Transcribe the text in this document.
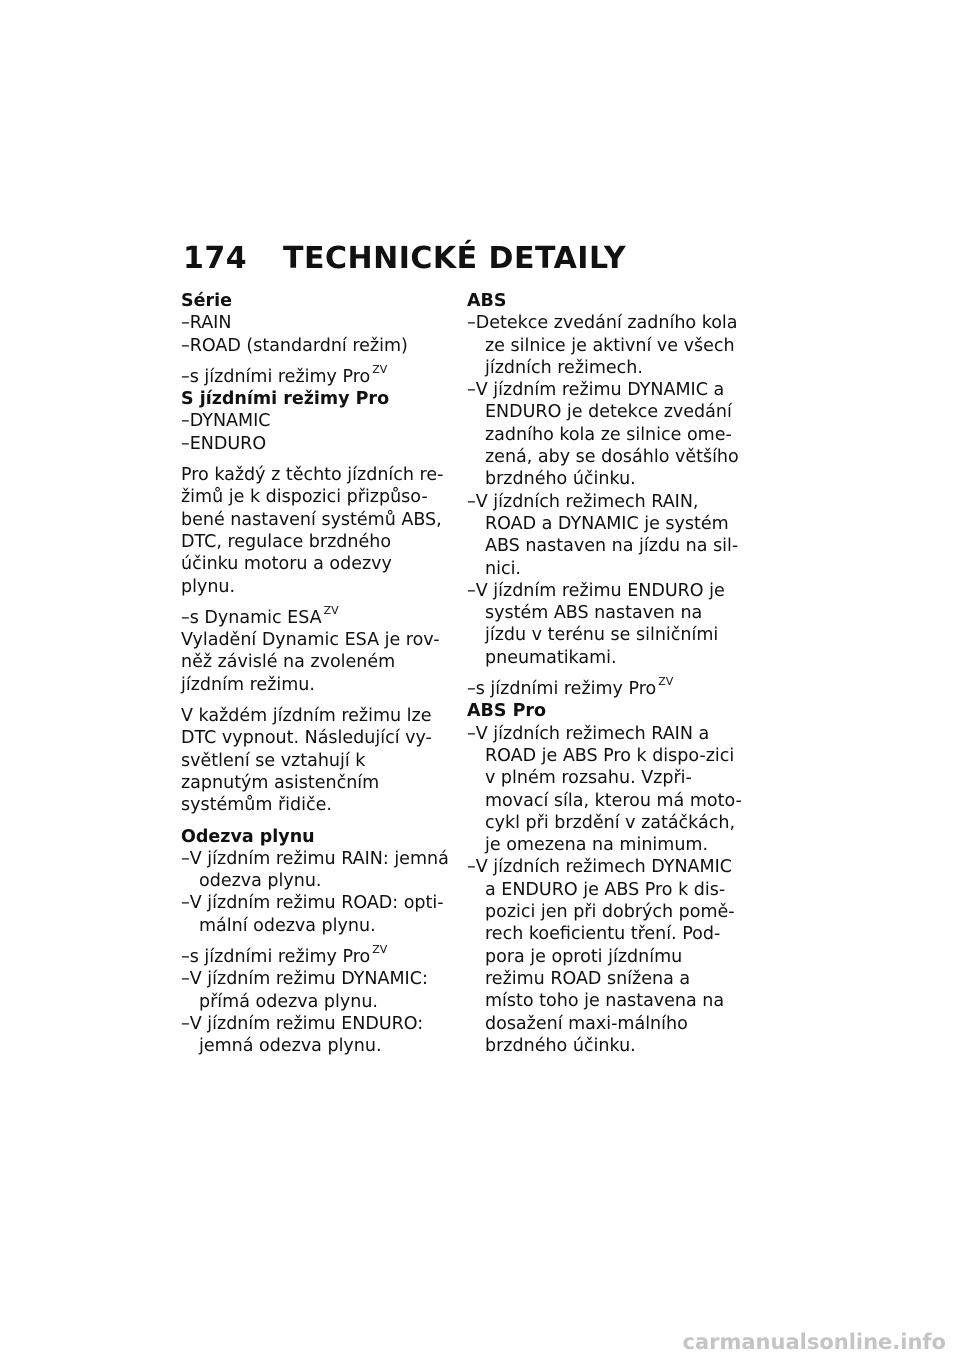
174 TECHNICKÉ DETAILY
Série
–RAIN
–ROAD (standardní režim)
–s jízdními režimy Pro $^{ZV}$
S jízdními režimy Pro
–DYNAMIC
–ENDURO
Pro každý z těchto jízdních re-žimů je k dispozici přizpůso-bené nastavení systémů ABS, DTC, regulace brzdného účinku motoru a odezvy plynu.
–s Dynamic ESA $^{ZV}$
Vyladění Dynamic ESA je rov-něž závislé na zvoleném jízdním režimu.
V každém jízdním režimu lze DTC vypnout. Následující vy-světlení se vztahují k zapnutým asistenčním systémům řidiče.
Odezva plynu
–V jízdním režimu RAIN: jemná odezva plynu.
–V jízdním režimu ROAD: opti-mální odezva plynu.
–s jízdními režimy Pro $^{ZV}$
–V jízdním režimu DYNAMIC: přímá odezva plynu.
–V jízdním režimu ENDURO: jemná odezva plynu.
ABS
–Detekce zvedání zadního kola ze silnice je aktivní ve všech jízdních režimech.
–V jízdním režimu DYNAMIC a ENDURO je detekce zvedání zadního kola ze silnice ome-zená, aby se dosáhlo většího brzdného účinku.
–V jízdních režimech RAIN, ROAD a DYNAMIC je systém ABS nastaven na jízdu na sil-nici.
–V jízdním režimu ENDURO je systém ABS nastaven na jízdu v terénu se silničními pneumatikami.
–s jízdními režimy Pro $^{ZV}$
ABS Pro
–V jízdních režimech RAIN a ROAD je ABS Pro k dispo-zici v plném rozsahu. Vzpři-movací síla, kterou má moto-cykl při brzdění v zatáčkách, je omezena na minimum.
–V jízdních režimech DYNAMIC a ENDURO je ABS Pro k dis-pozici jen při dobrých pomě-rech koeficientu tření. Pod-pora je oproti jízdnímu režimu ROAD snížena a místo toho je nastavena na dosažení maxi-málního brzdného účinku.
carmanualsonline.info
